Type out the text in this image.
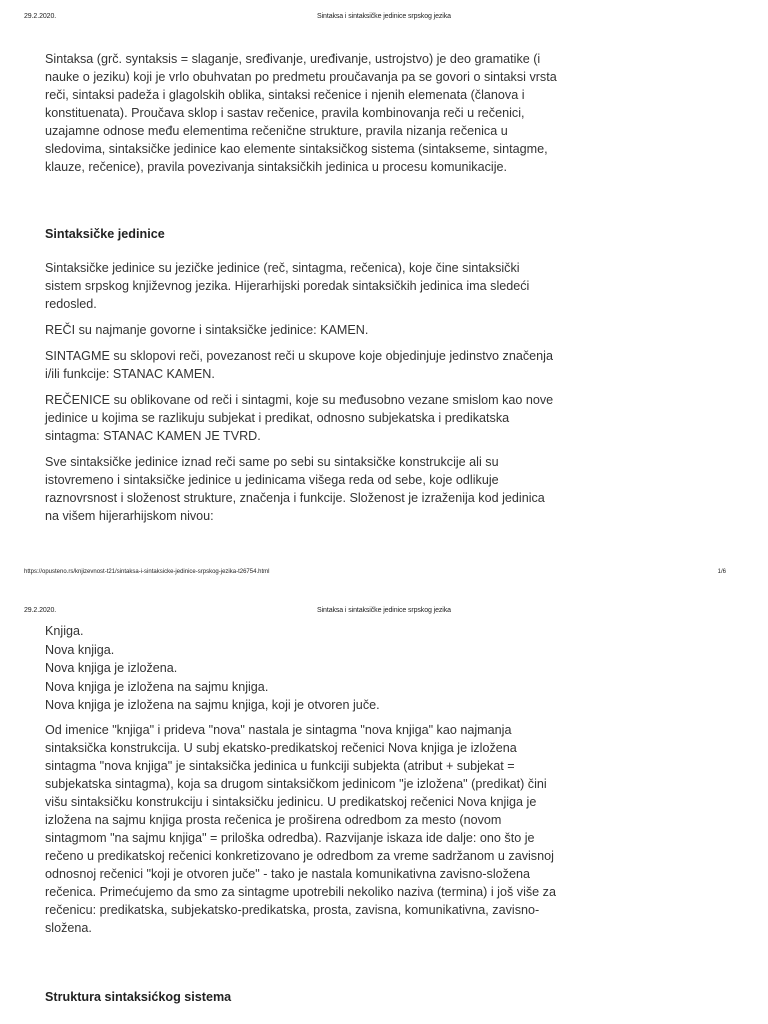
29.2.2020.	Sintaksa i sintaksičke jedinice srpskog jezika

Sintaksa (grč. syntaksis = slaganje, sređivanje, uređivanje, ustrojstvo) je deo gramatike (i nauke o jeziku) koji je vrlo obuhvatan po predmetu proučavanja pa se govori o sintaksi vrsta reči, sintaksi padeža i glagolskih oblika, sintaksi rečenice i njenih elemenata (članova i konstituenata). Proučava sklop i sastav rečenice, pravila kombinovanja reči u rečenici, uzajamne odnose među elementima rečenične strukture, pravila nizanja rečenica u sledovima, sintaksičke jedinice kao elemente sintaksičkog sistema (sintakseme, sintagme, klauze, rečenice), pravila povezivanja sintaksičkih jedinica u procesu komunikacije.

Sintaksičke jedinice

Sintaksičke jedinice su jezičke jedinice (reč, sintagma, rečenica), koje čine sintaksički sistem srpskog književnog jezika. Hijerarhijski poredak sintaksičkih jedinica ima sledeći redosled.

REČI su najmanje govorne i sintaksičke jedinice: KAMEN.

SINTAGME su sklopovi reči, povezanost reči u skupove koje objedinjuje jedinstvo značenja i/ili funkcije: STANAC KAMEN.

REČENICE su oblikovane od reči i sintagmi, koje su međusobno vezane smislom kao nove jedinice u kojima se razlikuju subjekat i predikat, odnosno subjekatska i predikatska sintagma: STANAC KAMEN JE TVRD.

Sve sintaksičke jedinice iznad reči same po sebi su sintaksičke konstrukcije ali su istovremeno i sintaksičke jedinice u jedinicama višega reda od sebe, koje odlikuje raznovrsnost i složenost strukture, značenja i funkcije. Složenost je izraženija kod jedinica na višem hijerarhijskom nivou:

https://opusteno.rs/knjizevnost-t21/sintaksa-i-sintaksicke-jedinice-srpskog-jezika-t26754.html	1/6
29.2.2020.	Sintaksa i sintaksičke jedinice srpskog jezika
Knjiga.
Nova knjiga.
Nova knjiga je izložena.
Nova knjiga je izložena na sajmu knjiga.
Nova knjiga je izložena na sajmu knjiga, koji je otvoren juče.

Od imenice "knjiga" i prideva "nova" nastala je sintagma "nova knjiga" kao najmanja sintaksička konstrukcija. U subj ekatsko-predikatskoj rečenici Nova knjiga je izložena sintagma "nova knjiga" je sintaksička jedinica u funkciji subjekta (atribut + subjekat = subjekatska sintagma), koja sa drugom sintaksičkom jedinicom "je izložena" (predikat) čini višu sintaksičku konstrukciju i sintaksičku jedinicu. U predikatskoj rečenici Nova knjiga je izložena na sajmu knjiga prosta rečenica je proširena odredbom za mesto (novom sintagmom "na sajmu knjiga" = priloška odredba). Razvijanje iskaza ide dalje: ono što je rečeno u predikatskoj rečenici konkretizovano je odredbom za vreme sadržanom u zavisnoj odnosnoj rečenici "koji je otvoren juče" - tako je nastala komunikativna zavisno-složena rečenica. Primećujemo da smo za sintagme upotrebili nekoliko naziva (termina) i još više za rečenicu: predikatska, subjekatsko-predikatska, prosta, zavisna, komunikativna, zavisno-složena.

Struktura sintaksićkog sistema
